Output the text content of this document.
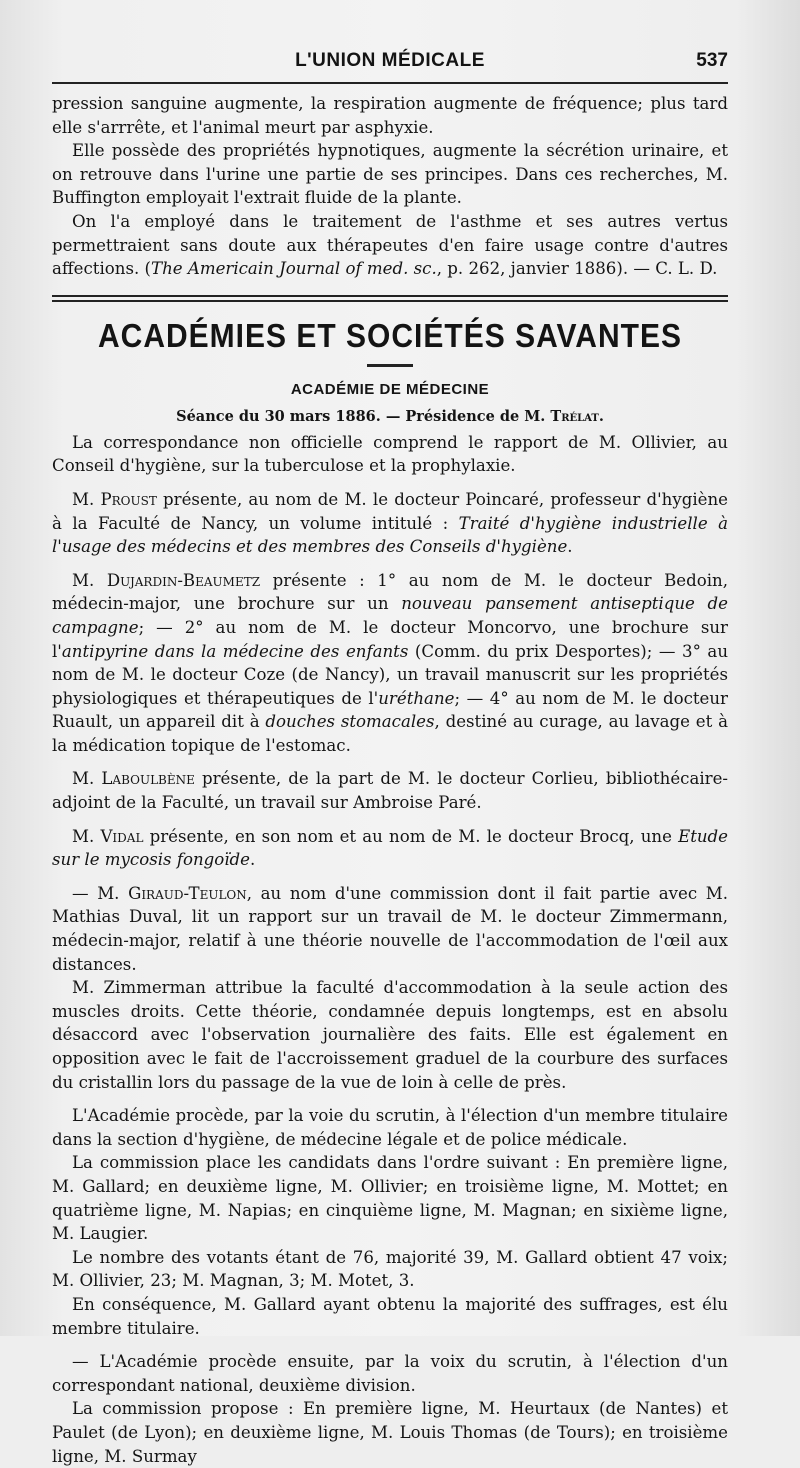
L'UNION MÉDICALE	537

pression sanguine augmente, la respiration augmente de fréquence; plus tard elle s'arrrête, et l'animal meurt par asphyxie.

Elle possède des propriétés hypnotiques, augmente la sécrétion urinaire, et on retrouve dans l'urine une partie de ses principes. Dans ces recherches, M. Buffington employait l'extrait fluide de la plante.

On l'a employé dans le traitement de l'asthme et ses autres vertus permettraient sans doute aux thérapeutes d'en faire usage contre d'autres affections. (The Americain Journal of med. sc., p. 262, janvier 1886). — C. L. D.

ACADÉMIES ET SOCIÉTÉS SAVANTES
ACADÉMIE DE MÉDECINE
Séance du 30 mars 1886. — Présidence de M. Trélat.

La correspondance non officielle comprend le rapport de M. Ollivier, au Conseil d'hygiène, sur la tuberculose et la prophylaxie.

M. Proust présente, au nom de M. le docteur Poincaré, professeur d'hygiène à la Faculté de Nancy, un volume intitulé : Traité d'hygiène industrielle à l'usage des médecins et des membres des Conseils d'hygiène.

M. Dujardin-Beaumetz présente : 1° au nom de M. le docteur Bedoin, médecin-major, une brochure sur un nouveau pansement antiseptique de campagne; — 2° au nom de M. le docteur Moncorvo, une brochure sur l'antipyrine dans la médecine des enfants (Comm. du prix Desportes); — 3° au nom de M. le docteur Coze (de Nancy), un travail manuscrit sur les propriétés physiologiques et thérapeutiques de l'uréthane; — 4° au nom de M. le docteur Ruault, un appareil dit à douches stomacales, destiné au curage, au lavage et à la médication topique de l'estomac.

M. Laboulbène présente, de la part de M. le docteur Corlieu, bibliothécaire-adjoint de la Faculté, un travail sur Ambroise Paré.

M. Vidal présente, en son nom et au nom de M. le docteur Brocq, une Etude sur le mycosis fongoïde.

— M. Giraud-Teulon, au nom d'une commission dont il fait partie avec M. Mathias Duval, lit un rapport sur un travail de M. le docteur Zimmermann, médecin-major, relatif à une théorie nouvelle de l'accommodation de l'œil aux distances.

M. Zimmerman attribue la faculté d'accommodation à la seule action des muscles droits. Cette théorie, condamnée depuis longtemps, est en absolu désaccord avec l'observation journalière des faits. Elle est également en opposition avec le fait de l'accroissement graduel de la courbure des surfaces du cristallin lors du passage de la vue de loin à celle de près.

L'Académie procède, par la voie du scrutin, à l'élection d'un membre titulaire dans la section d'hygiène, de médecine légale et de police médicale.

La commission place les candidats dans l'ordre suivant : En première ligne, M. Gallard; en deuxième ligne, M. Ollivier; en troisième ligne, M. Mottet; en quatrième ligne, M. Napias; en cinquième ligne, M. Magnan; en sixième ligne, M. Laugier.

Le nombre des votants étant de 76, majorité 39, M. Gallard obtient 47 voix; M. Ollivier, 23; M. Magnan, 3; M. Motet, 3.

En conséquence, M. Gallard ayant obtenu la majorité des suffrages, est élu membre titulaire.

— L'Académie procède ensuite, par la voix du scrutin, à l'élection d'un correspondant national, deuxième division.

La commission propose : En première ligne, M. Heurtaux (de Nantes) et Paulet (de Lyon); en deuxième ligne, M. Louis Thomas (de Tours); en troisième ligne, M. Surmay
